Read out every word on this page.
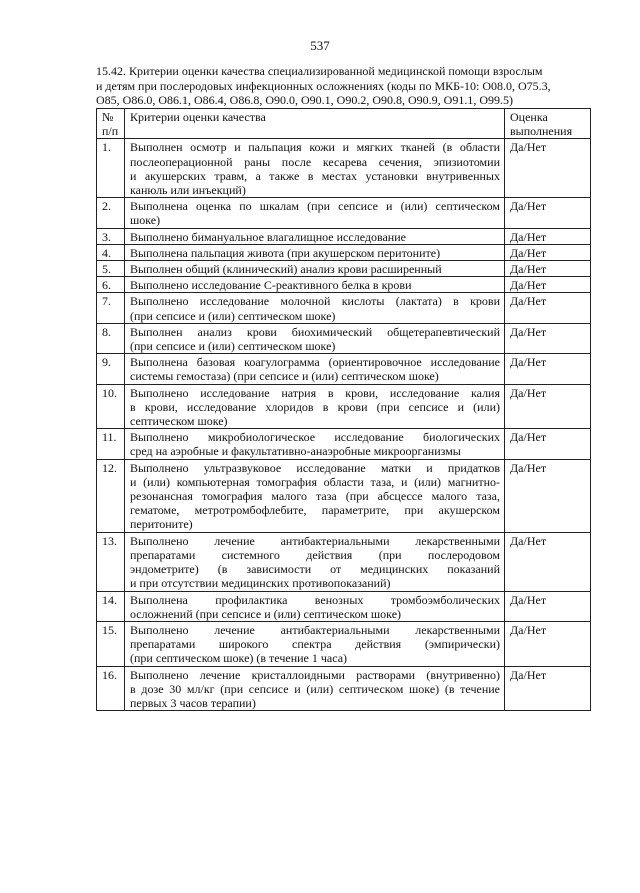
537
15.42. Критерии оценки качества специализированной медицинской помощи взрослым
и детям при послеродовых инфекционных осложнениях (коды по МКБ-10: O08.0, O75.3,
O85, O86.0, O86.1, O86.4, O86.8, O90.0, O90.1, O90.2, O90.8, O90.9, O91.1, O99.5)
№
п/п	Критерии оценки качества	Оценка
выполнения
1.	Выполнен осмотр и пальпация кожи и мягких тканей (в области
послеоперационной раны после кесарева сечения, эпизиотомии
и акушерских травм, а также в местах установки внутривенных
канюль или инъекций)	Да/Нет
2.	Выполнена оценка по шкалам (при сепсисе и (или) септическом
шоке)	Да/Нет
3.	Выполнено бимануальное влагалищное исследование	Да/Нет
4.	Выполнена пальпация живота (при акушерском перитоните)	Да/Нет
5.	Выполнен общий (клинический) анализ крови расширенный	Да/Нет
6.	Выполнено исследование С-реактивного белка в крови	Да/Нет
7.	Выполнено исследование молочной кислоты (лактата) в крови
(при сепсисе и (или) септическом шоке)	Да/Нет
8.	Выполнен анализ крови биохимический общетерапевтический
(при сепсисе и (или) септическом шоке)	Да/Нет
9.	Выполнена базовая коагулограмма (ориентировочное исследование
системы гемостаза) (при сепсисе и (или) септическом шоке)	Да/Нет
10.	Выполнено исследование натрия в крови, исследование калия
в крови, исследование хлоридов в крови (при сепсисе и (или)
септическом шоке)	Да/Нет
11.	Выполнено микробиологическое исследование биологических
сред на аэробные и факультативно-анаэробные микроорганизмы	Да/Нет
12.	Выполнено ультразвуковое исследование матки и придатков
и (или) компьютерная томография области таза, и (или) магнитно-
резонансная томография малого таза (при абсцессе малого таза,
гематоме, метротромбофлебите, параметрите, при акушерском
перитоните)	Да/Нет
13.	Выполнено лечение антибактериальными лекарственными
препаратами системного действия (при послеродовом
эндометрите) (в зависимости от медицинских показаний
и при отсутствии медицинских противопоказаний)	Да/Нет
14.	Выполнена профилактика венозных тромбоэмболических
осложнений (при сепсисе и (или) септическом шоке)	Да/Нет
15.	Выполнено лечение антибактериальными лекарственными
препаратами широкого спектра действия (эмпирически)
(при септическом шоке) (в течение 1 часа)	Да/Нет
16.	Выполнено лечение кристаллоидными растворами (внутривенно)
в дозе 30 мл/кг (при сепсисе и (или) септическом шоке) (в течение
первых 3 часов терапии)	Да/Нет
